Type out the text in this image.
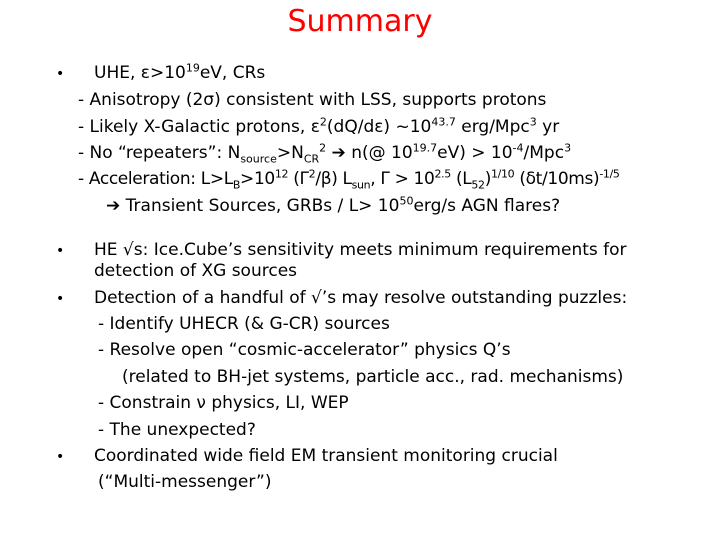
Summary
• UHE, $\varepsilon>10^{19}eV$, CRs
- Anisotropy (2σ) consistent with LSS, supports protons
- Likely X-Galactic protons, $\varepsilon^2(dQ/d\varepsilon)$ $\sim 10^{43.7}$ erg/Mpc$^3$ yr
- No “repeaters”: $N_{source}>N_{CR}^2$ ➔ n(@ $10^{19.7}eV) > 10^{-4}/Mpc^3$
- Acceleration: $L>L_B>10^{12}$ $(\Gamma^2/\beta)$ $L_{sun}$, $\Gamma > 10^{2.5}$ $(L_{52})^{1/10}$ $(\delta t/10ms)^{-1/5}$
➔ Transient Sources, GRBs / $L> 10^{50}erg/s$ AGN flares?
• HE √s: Ice.Cube’s sensitivity meets minimum requirements for
detection of XG sources
• Detection of a handful of √’s may resolve outstanding puzzles:
- Identify UHECR (& G-CR) sources
- Resolve open “cosmic-accelerator” physics Q’s
(related to BH-jet systems, particle acc., rad. mechanisms)
- Constrain ν physics, LI, WEP
- The unexpected?
• Coordinated wide field EM transient monitoring crucial
(“Multi-messenger”)
